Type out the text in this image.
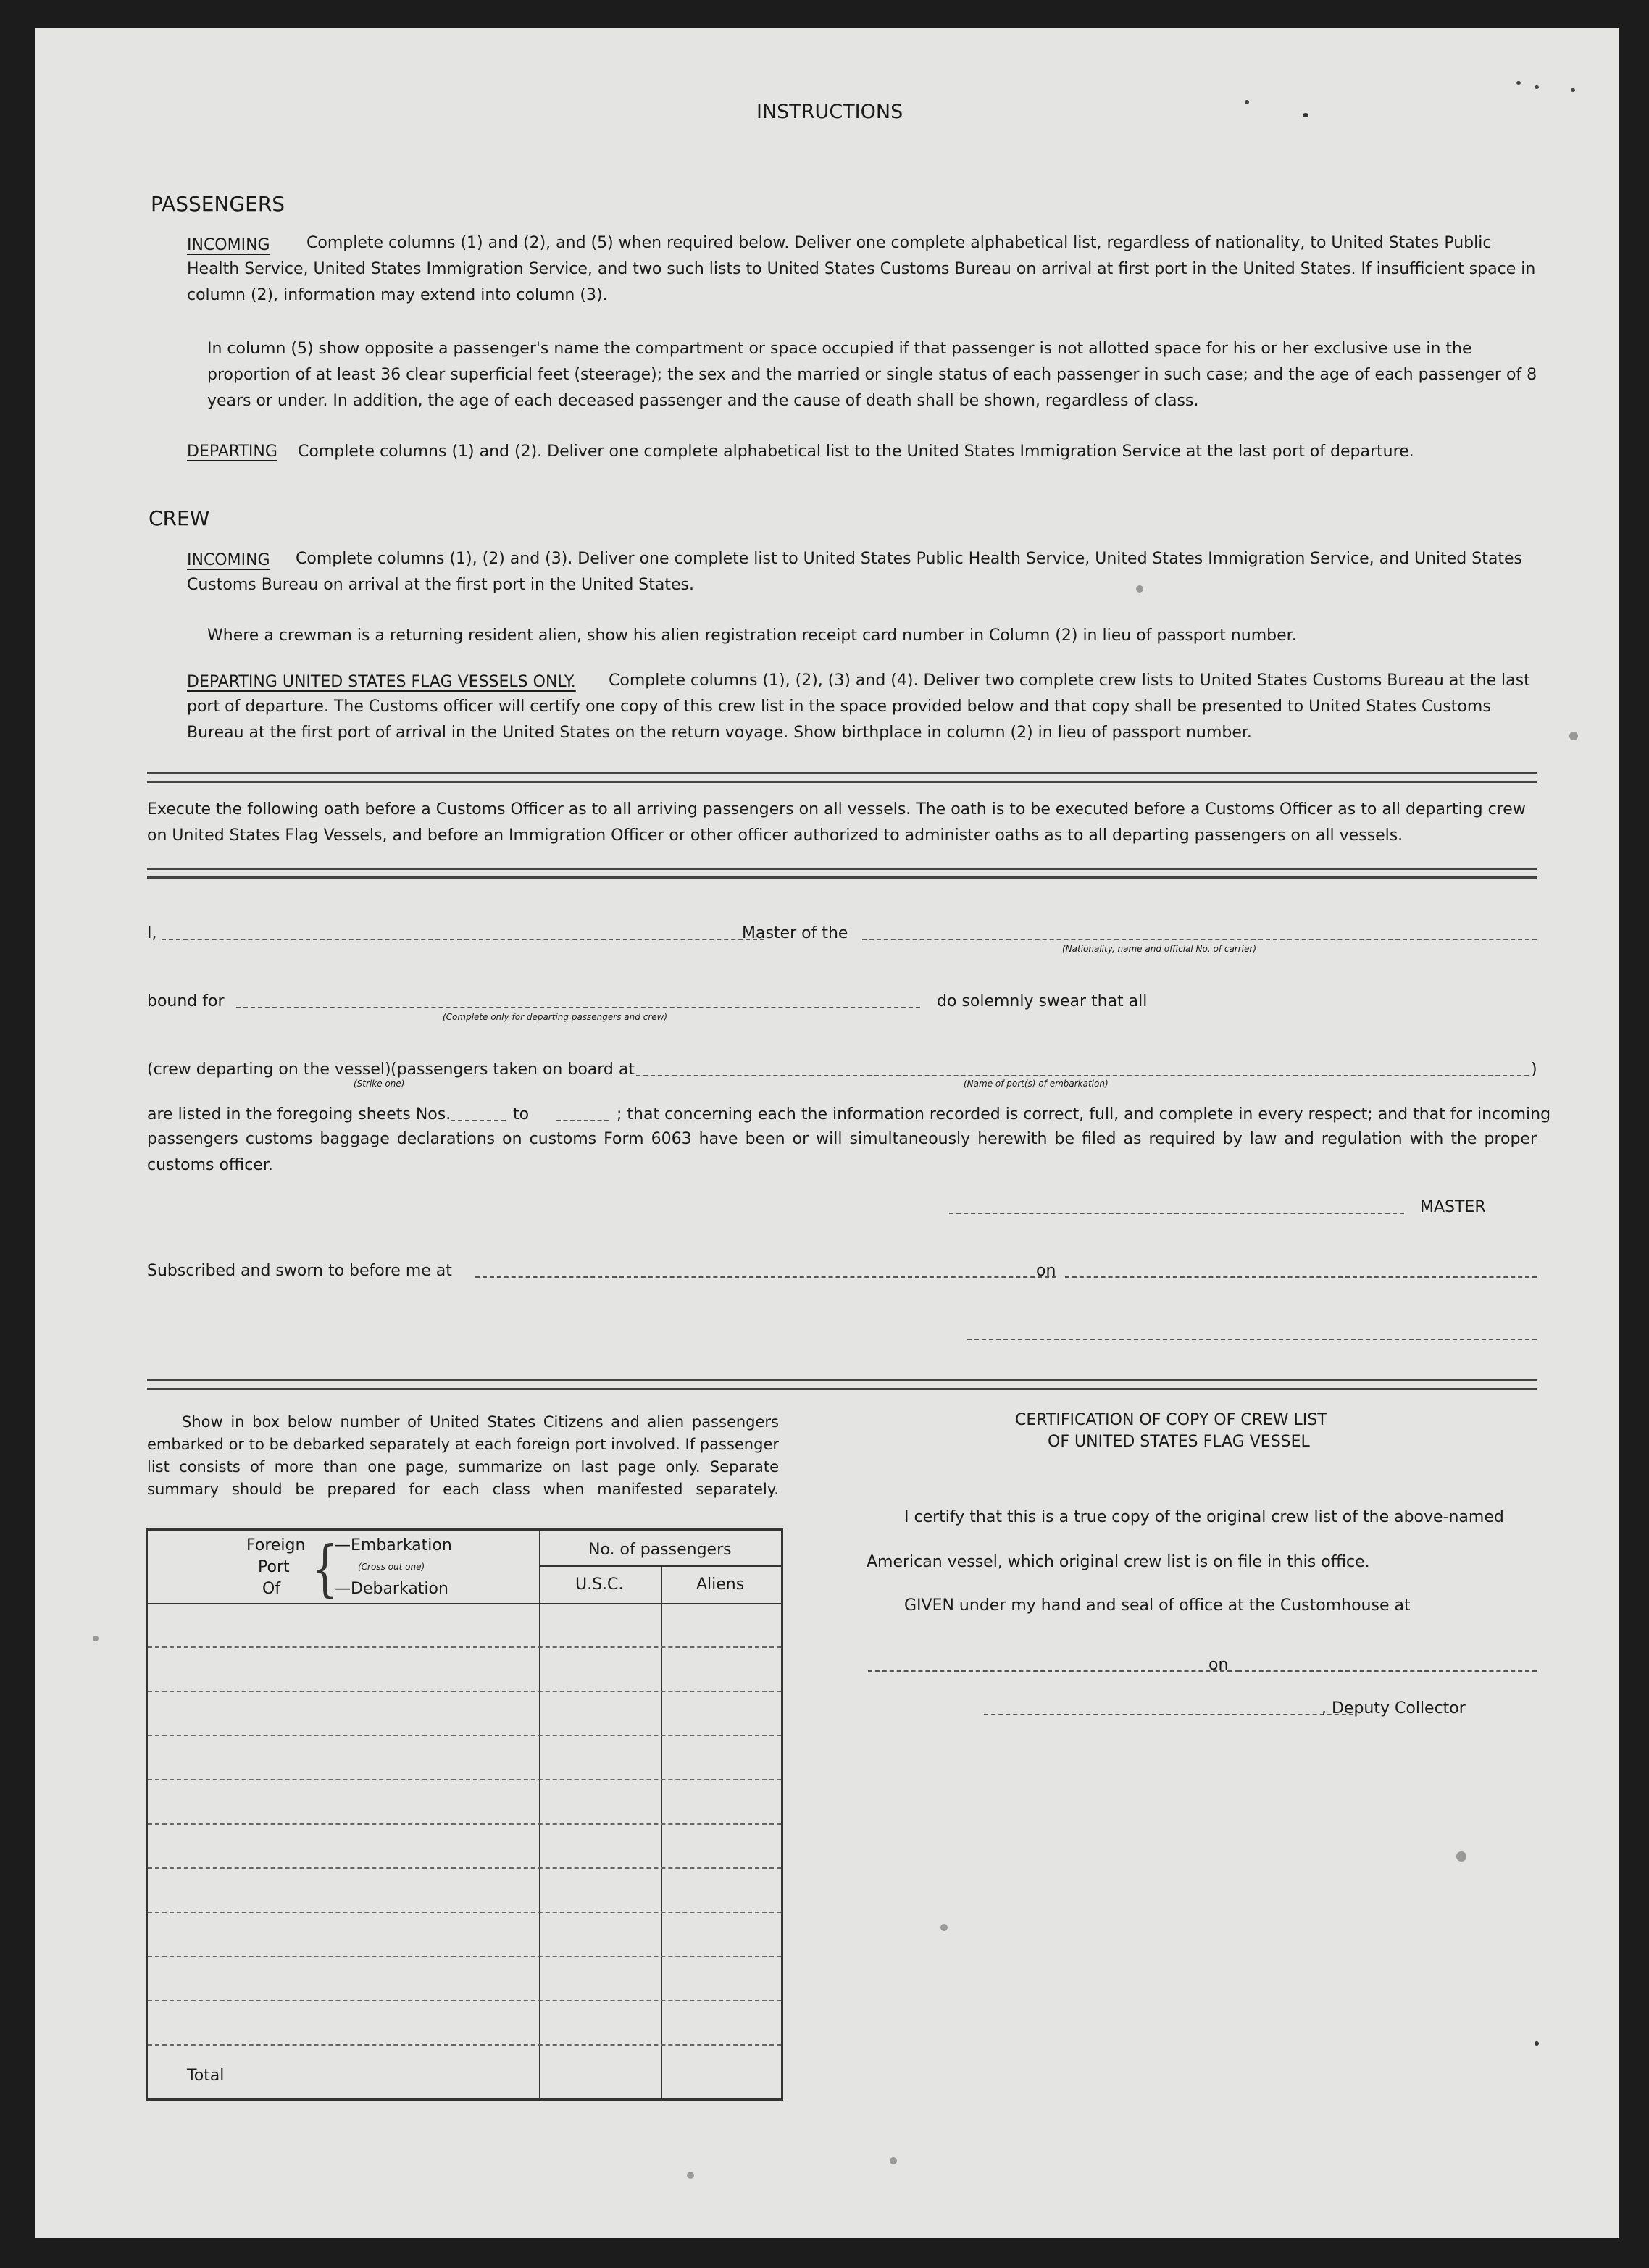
INSTRUCTIONS
PASSENGERS
INCOMING	Complete columns (1) and (2), and (5) when required below. Deliver one complete alphabetical list, regardless of nationality, to United States Public Health Service, United States Immigration Service, and two such lists to United States Customs Bureau on arrival at first port in the United States. If insufficient space in column (2), information may extend into column (3).

In column (5) show opposite a passenger's name the compartment or space occupied if that passenger is not allotted space for his or her exclusive use in the proportion of at least 36 clear superficial feet (steerage); the sex and the married or single status of each passenger in such case; and the age of each passenger of 8 years or under. In addition, the age of each deceased passenger and the cause of death shall be shown, regardless of class.

DEPARTING Complete columns (1) and (2). Deliver one complete alphabetical list to the United States Immigration Service at the last port of departure.
CREW
INCOMING	Complete columns (1), (2) and (3). Deliver one complete list to United States Public Health Service, United States Immigration Service, and United States Customs Bureau on arrival at the first port in the United States.

Where a crewman is a returning resident alien, show his alien registration receipt card number in Column (2) in lieu of passport number.
DEPARTING UNITED STATES FLAG VESSELS ONLY.	Complete columns (1), (2), (3) and (4). Deliver two complete crew lists to United States Customs Bureau at the last port of departure. The Customs officer will certify one copy of this crew list in the space provided below and that copy shall be presented to United States Customs Bureau at the first port of arrival in the United States on the return voyage. Show birthplace in column (2) in lieu of passport number.

Execute the following oath before a Customs Officer as to all arriving passengers on all vessels. The oath is to be executed before a Customs Officer as to all departing crew on United States Flag Vessels, and before an Immigration Officer or other officer authorized to administer oaths as to all departing passengers on all vessels.

I,	Master of the
(Nationality, name and official No. of carrier)
bound for
(Complete only for departing passengers and crew)
do solemnly swear that all
(crew departing on the vessel)
(Strike one)
(passengers taken on board at
(Name of port(s) of embarkation)
)
are listed in the foregoing sheets Nos.	to	; that concerning each the information recorded is correct, full, and complete in every respect; and that for incoming

passengers customs baggage declarations on customs Form 6063 have been or will simultaneously herewith be filed as required by law and regulation with the proper customs officer.

MASTER
Subscribed and sworn to before me at	on

Show in box below number of United States Citizens and alien passengers embarked or to be debarked separately at each foreign port involved. If passenger list consists of more than one page, summarize on last page only. Separate summary should be prepared for each class when manifested separately.

Foreign
Port
Of {
—Embarkation
(Cross out one)
—Debarkation
No. of passengers
U.S.C.	Aliens
Total
CERTIFICATION OF COPY OF CREW LIST
OF UNITED STATES FLAG VESSEL
I certify that this is a true copy of the original crew list of the above-named
American vessel, which original crew list is on file in this office.
GIVEN under my hand and seal of office at the Customhouse at
on
, Deputy Collector
